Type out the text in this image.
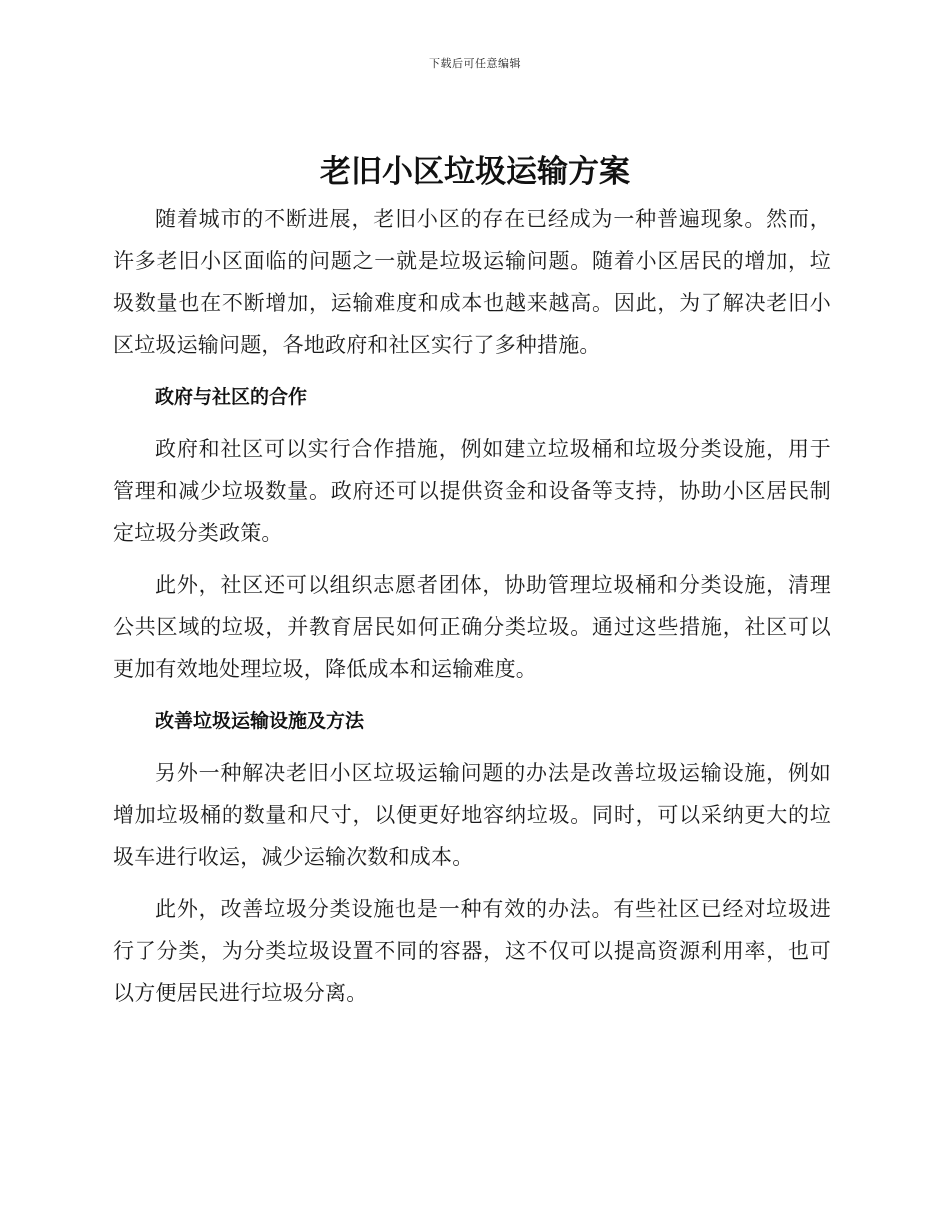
下载后可任意编辑
老旧小区垃圾运输方案

随着城市的不断进展，老旧小区的存在已经成为一种普遍现象。然而，许多老旧小区面临的问题之一就是垃圾运输问题。随着小区居民的增加，垃圾数量也在不断增加，运输难度和成本也越来越高。因此，为了解决老旧小区垃圾运输问题，各地政府和社区实行了多种措施。

政府与社区的合作

政府和社区可以实行合作措施，例如建立垃圾桶和垃圾分类设施，用于管理和减少垃圾数量。政府还可以提供资金和设备等支持，协助小区居民制定垃圾分类政策。

此外，社区还可以组织志愿者团体，协助管理垃圾桶和分类设施，清理公共区域的垃圾，并教育居民如何正确分类垃圾。通过这些措施，社区可以更加有效地处理垃圾，降低成本和运输难度。

改善垃圾运输设施及方法

另外一种解决老旧小区垃圾运输问题的办法是改善垃圾运输设施，例如增加垃圾桶的数量和尺寸，以便更好地容纳垃圾。同时，可以采纳更大的垃圾车进行收运，减少运输次数和成本。

此外，改善垃圾分类设施也是一种有效的办法。有些社区已经对垃圾进行了分类，为分类垃圾设置不同的容器，这不仅可以提高资源利用率，也可以方便居民进行垃圾分离。
